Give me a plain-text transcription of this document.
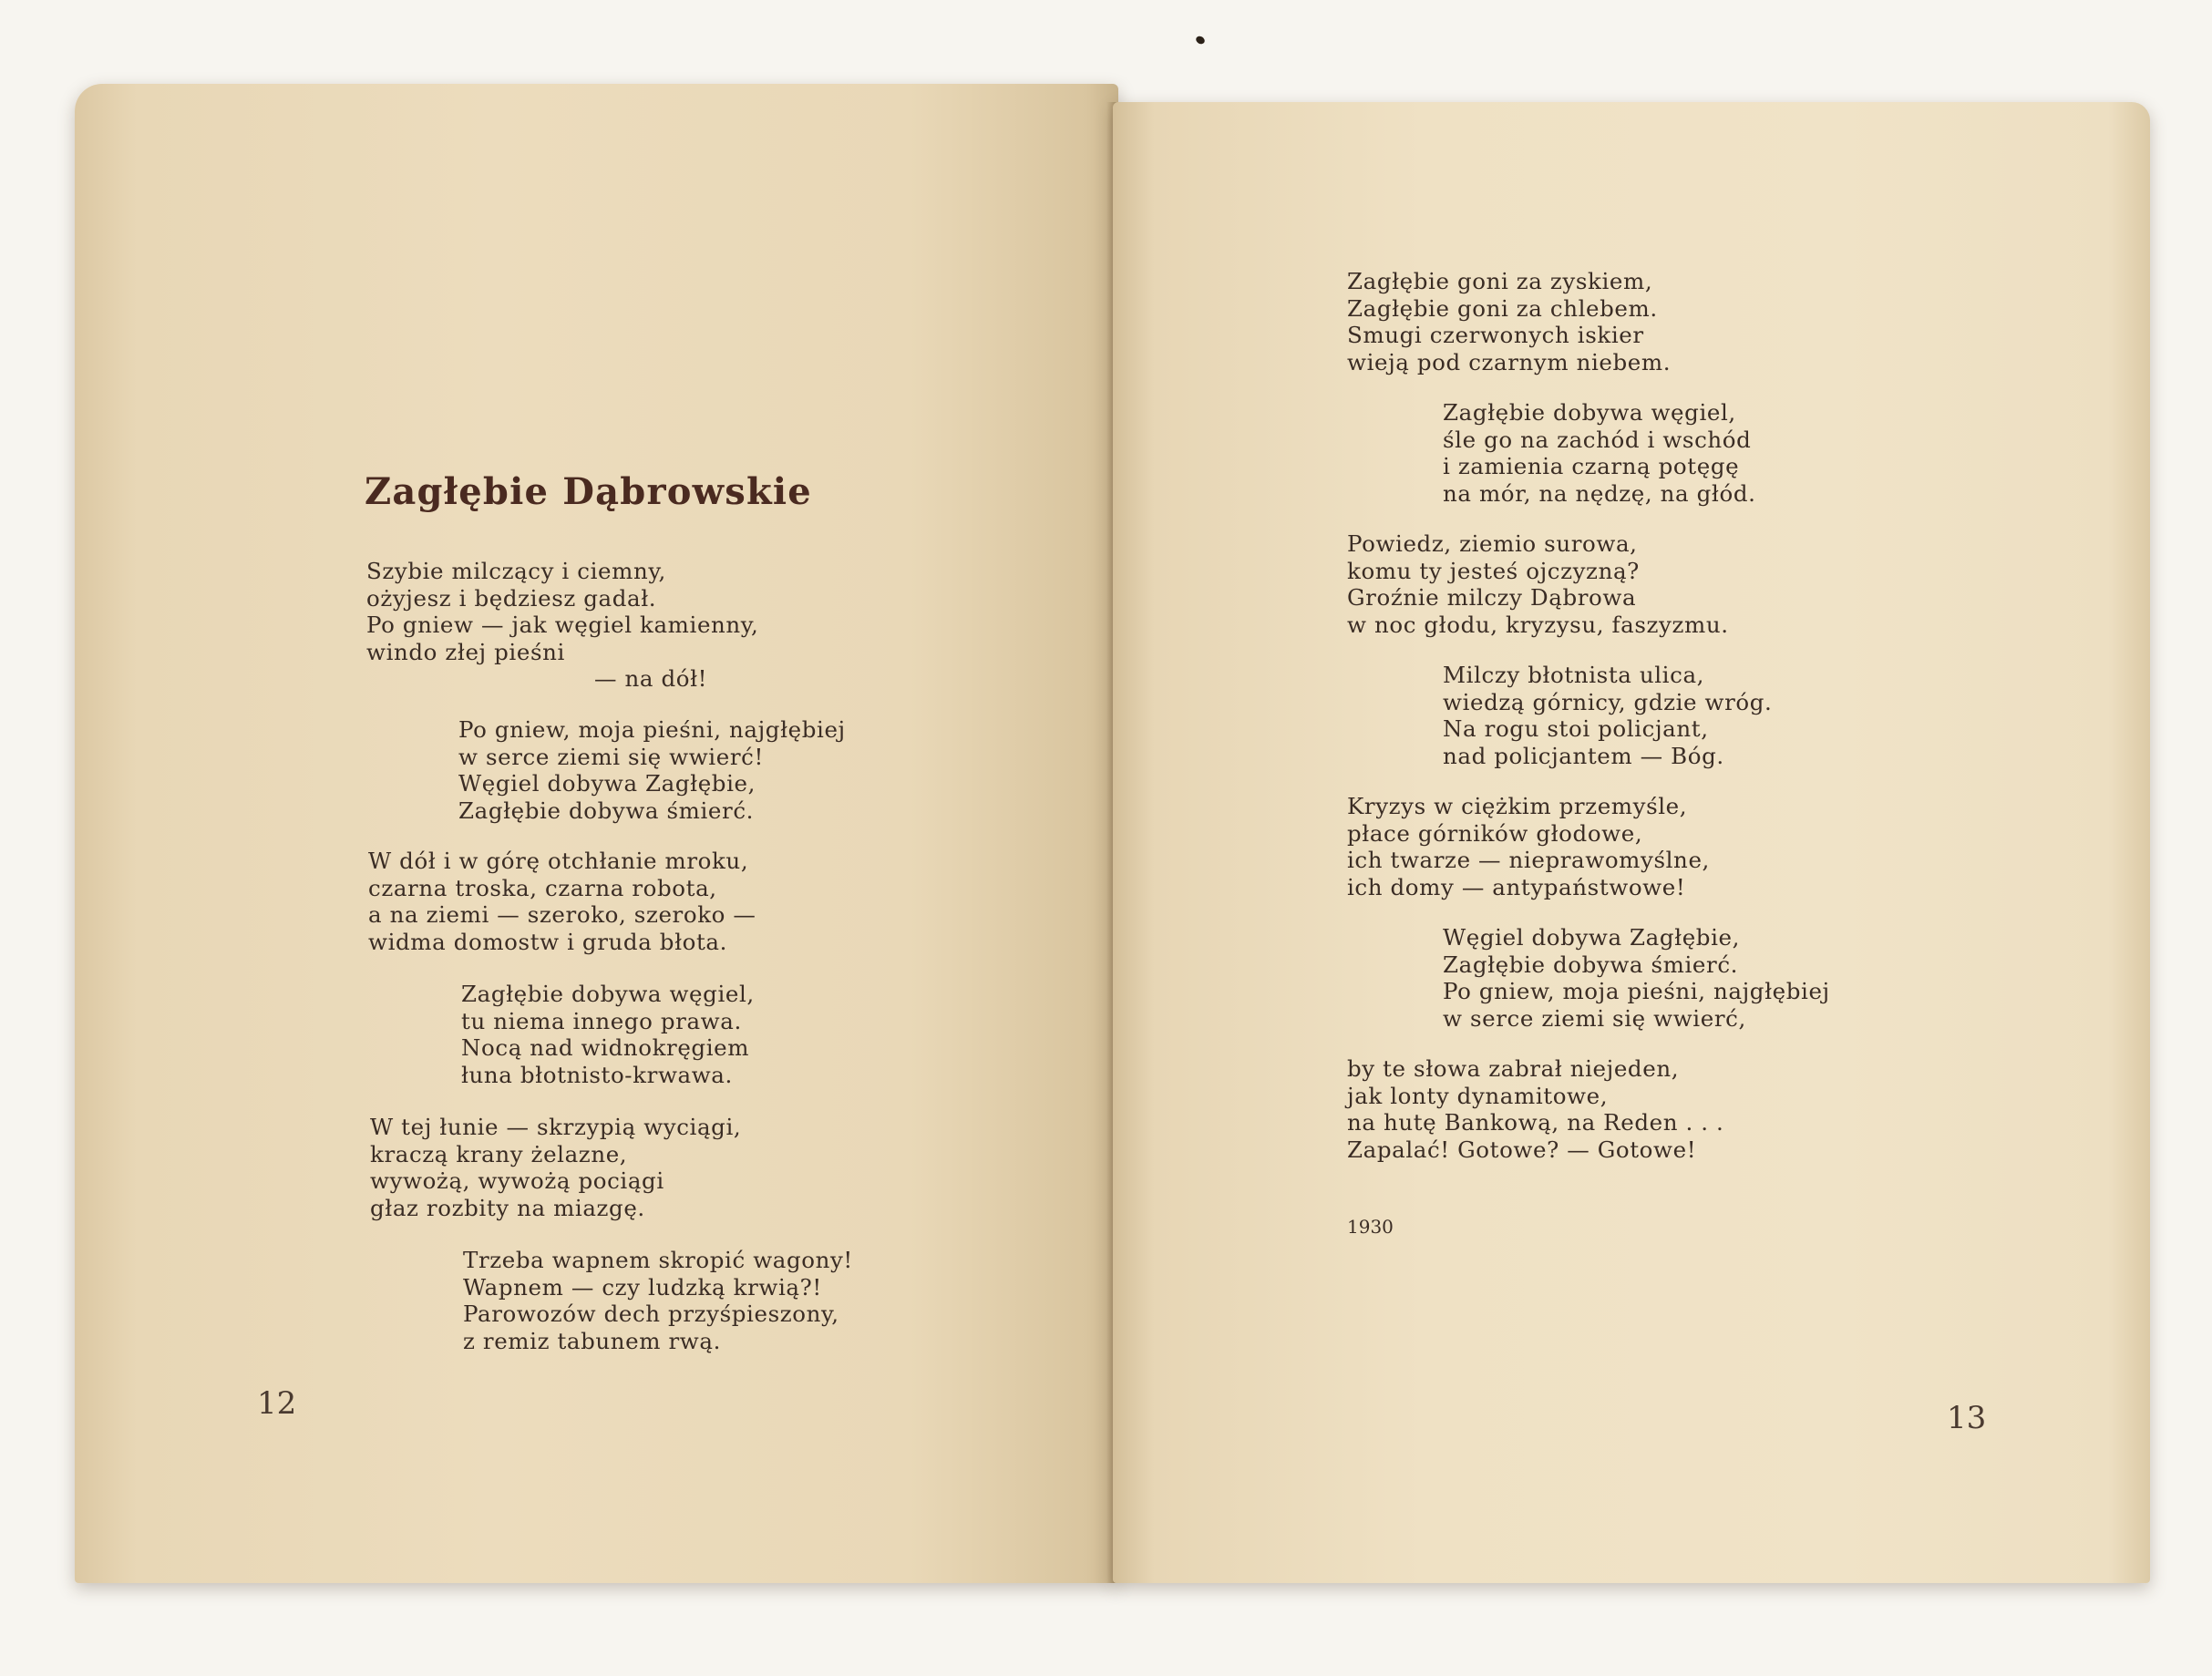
Zagłębie Dąbrowskie

Szybie milczący i ciemny,
ożyjesz i będziesz gadał.
Po gniew — jak węgiel kamienny,
windo złej pieśni
— na dół!

Po gniew, moja pieśni, najgłębiej
w serce ziemi się wwierć!
Węgiel dobywa Zagłębie,
Zagłębie dobywa śmierć.

W dół i w górę otchłanie mroku,
czarna troska, czarna robota,
a na ziemi — szeroko, szeroko —
widma domostw i gruda błota.

Zagłębie dobywa węgiel,
tu niema innego prawa.
Nocą nad widnokręgiem
łuna błotnisto-krwawa.

W tej łunie — skrzypią wyciągi,
kraczą krany żelazne,
wywożą, wywożą pociągi
głaz rozbity na miazgę.

Trzeba wapnem skropić wagony!
Wapnem — czy ludzką krwią?!
Parowozów dech przyśpieszony,
z remiz tabunem rwą.

12

Zagłębie goni za zyskiem,
Zagłębie goni za chlebem.
Smugi czerwonych iskier
wieją pod czarnym niebem.

Zagłębie dobywa węgiel,
śle go na zachód i wschód
i zamienia czarną potęgę
na mór, na nędzę, na głód.

Powiedz, ziemio surowa,
komu ty jesteś ojczyzną?
Groźnie milczy Dąbrowa
w noc głodu, kryzysu, faszyzmu.

Milczy błotnista ulica,
wiedzą górnicy, gdzie wróg.
Na rogu stoi policjant,
nad policjantem — Bóg.

Kryzys w ciężkim przemyśle,
płace górników głodowe,
ich twarze — nieprawomyślne,
ich domy — antypaństwowe!

Węgiel dobywa Zagłębie,
Zagłębie dobywa śmierć.
Po gniew, moja pieśni, najgłębiej
w serce ziemi się wwierć,

by te słowa zabrał niejeden,
jak lonty dynamitowe,
na hutę Bankową, na Reden . . .
Zapalać! Gotowe? — Gotowe!

13

1930
